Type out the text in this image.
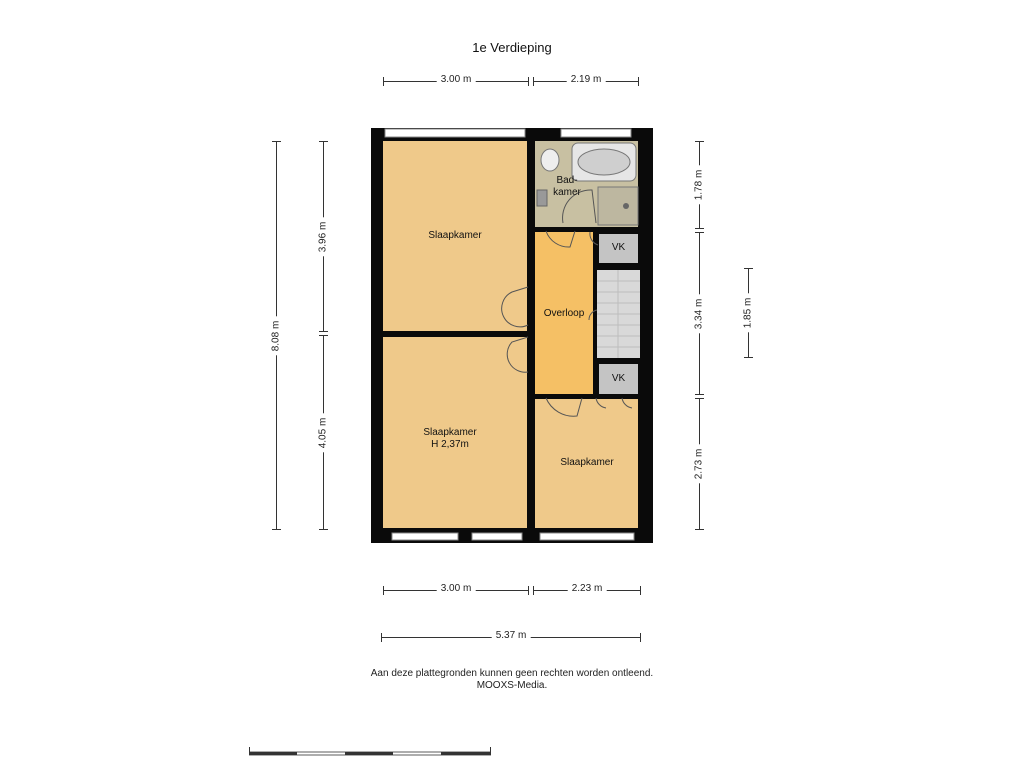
1e Verdieping
3.00 m	2.19 m
3.00 m	2.23 m
5.37 m
8.08 m
3.96 m
4.05 m
1.78 m
3.34 m
2.73 m
1.85 m
Slaapkamer
Slaapkamer
H 2,37m
Slaapkamer
Bad-
kamer
Overloop
VK
VK
Aan deze plattegronden kunnen geen rechten worden ontleend.
MOOXS-Media.
